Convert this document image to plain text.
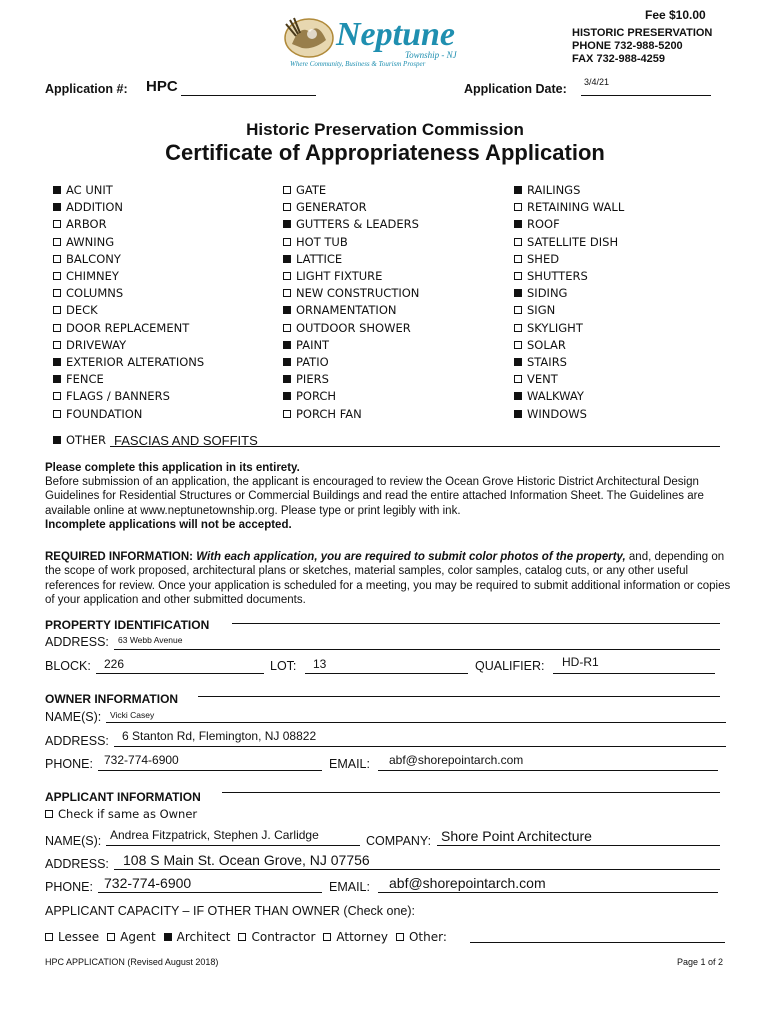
Fee $10.00
HISTORIC PRESERVATION
PHONE 732-988-5200
FAX 732-988-4259
Neptune
Township - NJ
Where Community, Business & Tourism Prosper
Application #: HPC	Application Date: 3/4/21
Historic Preservation Commission
Certificate of Appropriateness Application
AC UNIT
ADDITION
ARBOR
AWNING
BALCONY
CHIMNEY
COLUMNS
DECK
DOOR REPLACEMENT
DRIVEWAY
EXTERIOR ALTERATIONS
FENCE
FLAGS / BANNERS
FOUNDATION
GATE
GENERATOR
GUTTERS & LEADERS
HOT TUB
LATTICE
LIGHT FIXTURE
NEW CONSTRUCTION
ORNAMENTATION
OUTDOOR SHOWER
PAINT
PATIO
PIERS
PORCH
PORCH FAN
RAILINGS
RETAINING WALL
ROOF
SATELLITE DISH
SHED
SHUTTERS
SIDING
SIGN
SKYLIGHT
SOLAR
STAIRS
VENT
WALKWAY
WINDOWS
OTHER FASCIAS AND SOFFITS
Please complete this application in its entirety.
Before submission of an application, the applicant is encouraged to review the Ocean Grove Historic District Architectural Design Guidelines for Residential Structures or Commercial Buildings and read the entire attached Information Sheet. The Guidelines are available online at www.neptunetownship.org. Please type or print legibly with ink.
Incomplete applications will not be accepted.
REQUIRED INFORMATION: With each application, you are required to submit color photos of the property, and, depending on the scope of work proposed, architectural plans or sketches, material samples, color samples, catalog cuts, or any other useful references for review. Once your application is scheduled for a meeting, you may be required to submit additional information or copies of your application and other submitted documents.
PROPERTY IDENTIFICATION
ADDRESS: 63 Webb Avenue
BLOCK: 226	LOT: 13	QUALIFIER: HD-R1
OWNER INFORMATION
NAME(S): Vicki Casey
ADDRESS: 6 Stanton Rd, Flemington, NJ 08822
PHONE: 732-774-6900	EMAIL: abf@shorepointarch.com
APPLICANT INFORMATION
Check if same as Owner
NAME(S): Andrea Fitzpatrick, Stephen J. Carlidge	COMPANY: Shore Point Architecture
ADDRESS: 108 S Main St. Ocean Grove, NJ 07756
PHONE: 732-774-6900	EMAIL: abf@shorepointarch.com
APPLICANT CAPACITY – IF OTHER THAN OWNER (Check one):
Lessee Agent Architect Contractor Attorney Other:
HPC APPLICATION (Revised August 2018)	Page 1 of 2
